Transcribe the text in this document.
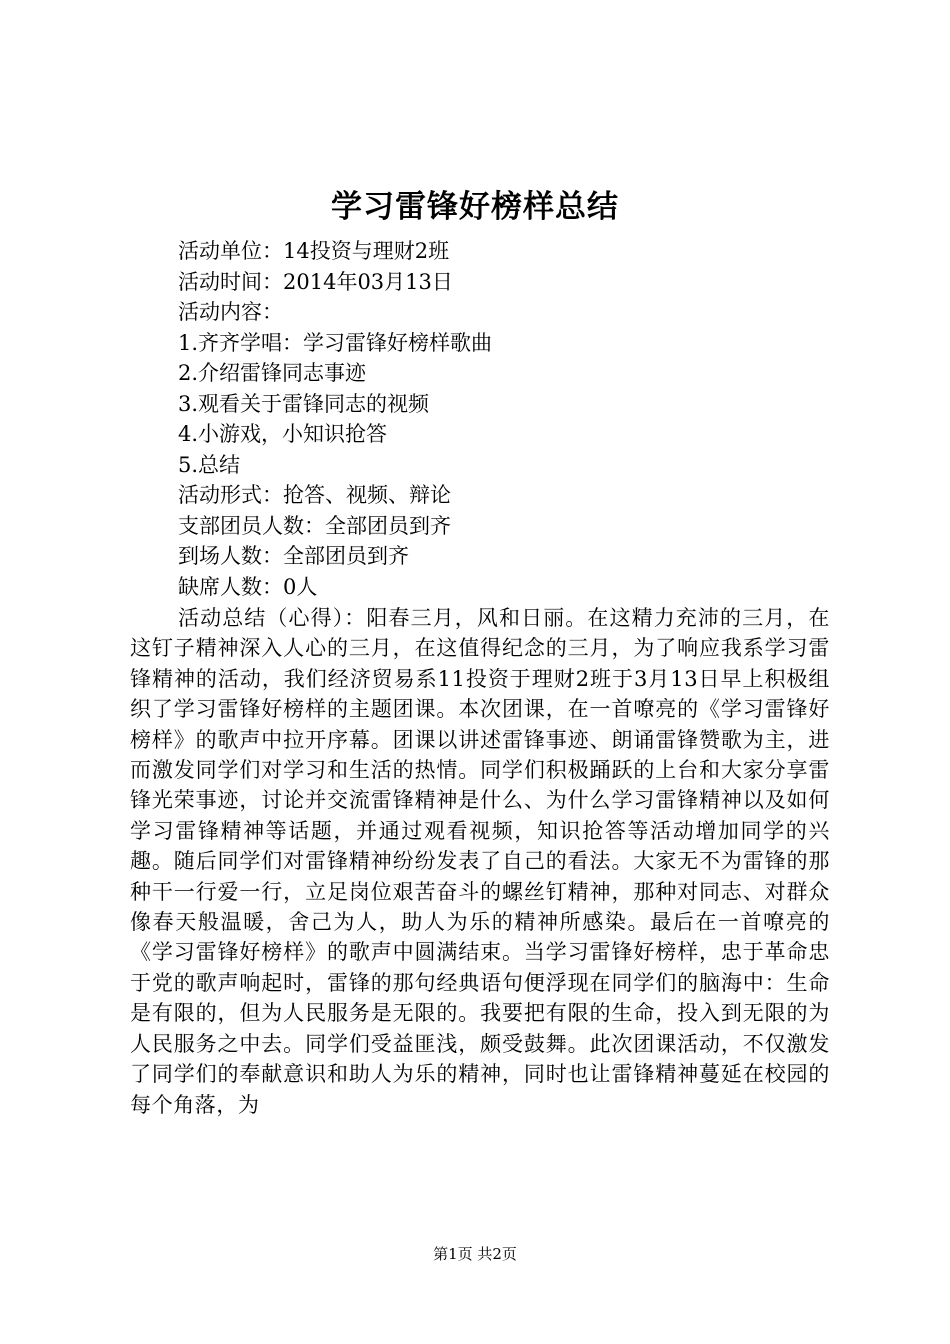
学习雷锋好榜样总结
活动单位：14投资与理财2班
活动时间：2014年03月13日
活动内容：
1.齐齐学唱：学习雷锋好榜样歌曲
2.介绍雷锋同志事迹
3.观看关于雷锋同志的视频
4.小游戏，小知识抢答
5.总结
活动形式：抢答、视频、辩论
支部团员人数：全部团员到齐
到场人数：全部团员到齐
缺席人数：0人

活动总结（心得）：阳春三月，风和日丽。在这精力充沛的三月，在这钉子精神深入人心的三月，在这值得纪念的三月，为了响应我系学习雷锋精神的活动，我们经济贸易系11投资于理财2班于3月13日早上积极组织了学习雷锋好榜样的主题团课。本次团课，在一首嘹亮的《学习雷锋好榜样》的歌声中拉开序幕。团课以讲述雷锋事迹、朗诵雷锋赞歌为主，进而激发同学们对学习和生活的热情。同学们积极踊跃的上台和大家分享雷锋光荣事迹，讨论并交流雷锋精神是什么、为什么学习雷锋精神以及如何学习雷锋精神等话题，并通过观看视频，知识抢答等活动增加同学的兴趣。随后同学们对雷锋精神纷纷发表了自己的看法。大家无不为雷锋的那种干一行爱一行，立足岗位艰苦奋斗的螺丝钉精神，那种对同志、对群众像春天般温暖，舍己为人，助人为乐的精神所感染。最后在一首嘹亮的《学习雷锋好榜样》的歌声中圆满结束。当学习雷锋好榜样，忠于革命忠于党的歌声响起时，雷锋的那句经典语句便浮现在同学们的脑海中：生命是有限的，但为人民服务是无限的。我要把有限的生命，投入到无限的为人民服务之中去。同学们受益匪浅，颇受鼓舞。此次团课活动，不仅激发了同学们的奉献意识和助人为乐的精神，同时也让雷锋精神蔓延在校园的每个角落，为

第1页 共2页
